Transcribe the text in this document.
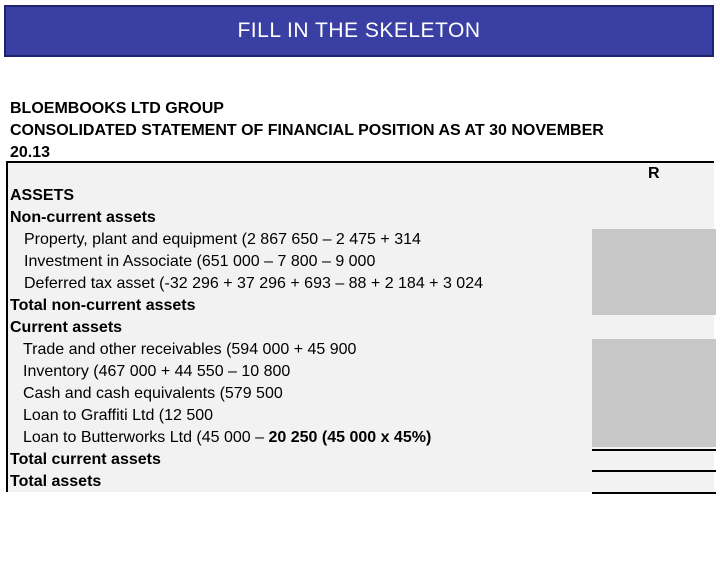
FILL IN THE SKELETON
BLOEMBOOKS LTD GROUP
CONSOLIDATED STATEMENT OF FINANCIAL POSITION AS AT 30 NOVEMBER
20.13
R
ASSETS
Non-current assets
Property, plant and equipment (2 867 650 – 2 475 + 314
Investment in Associate (651 000 – 7 800 – 9 000
Deferred tax asset (-32 296 + 37 296 + 693 – 88 + 2 184 + 3 024
Total non-current assets
Current assets
Trade and other receivables (594 000 + 45 900
Inventory (467 000 + 44 550 – 10 800
Cash and cash equivalents (579 500
Loan to Graffiti Ltd (12 500
Loan to Butterworks Ltd (45 000 – 20 250 (45 000 x 45%)
Total current assets
Total assets
